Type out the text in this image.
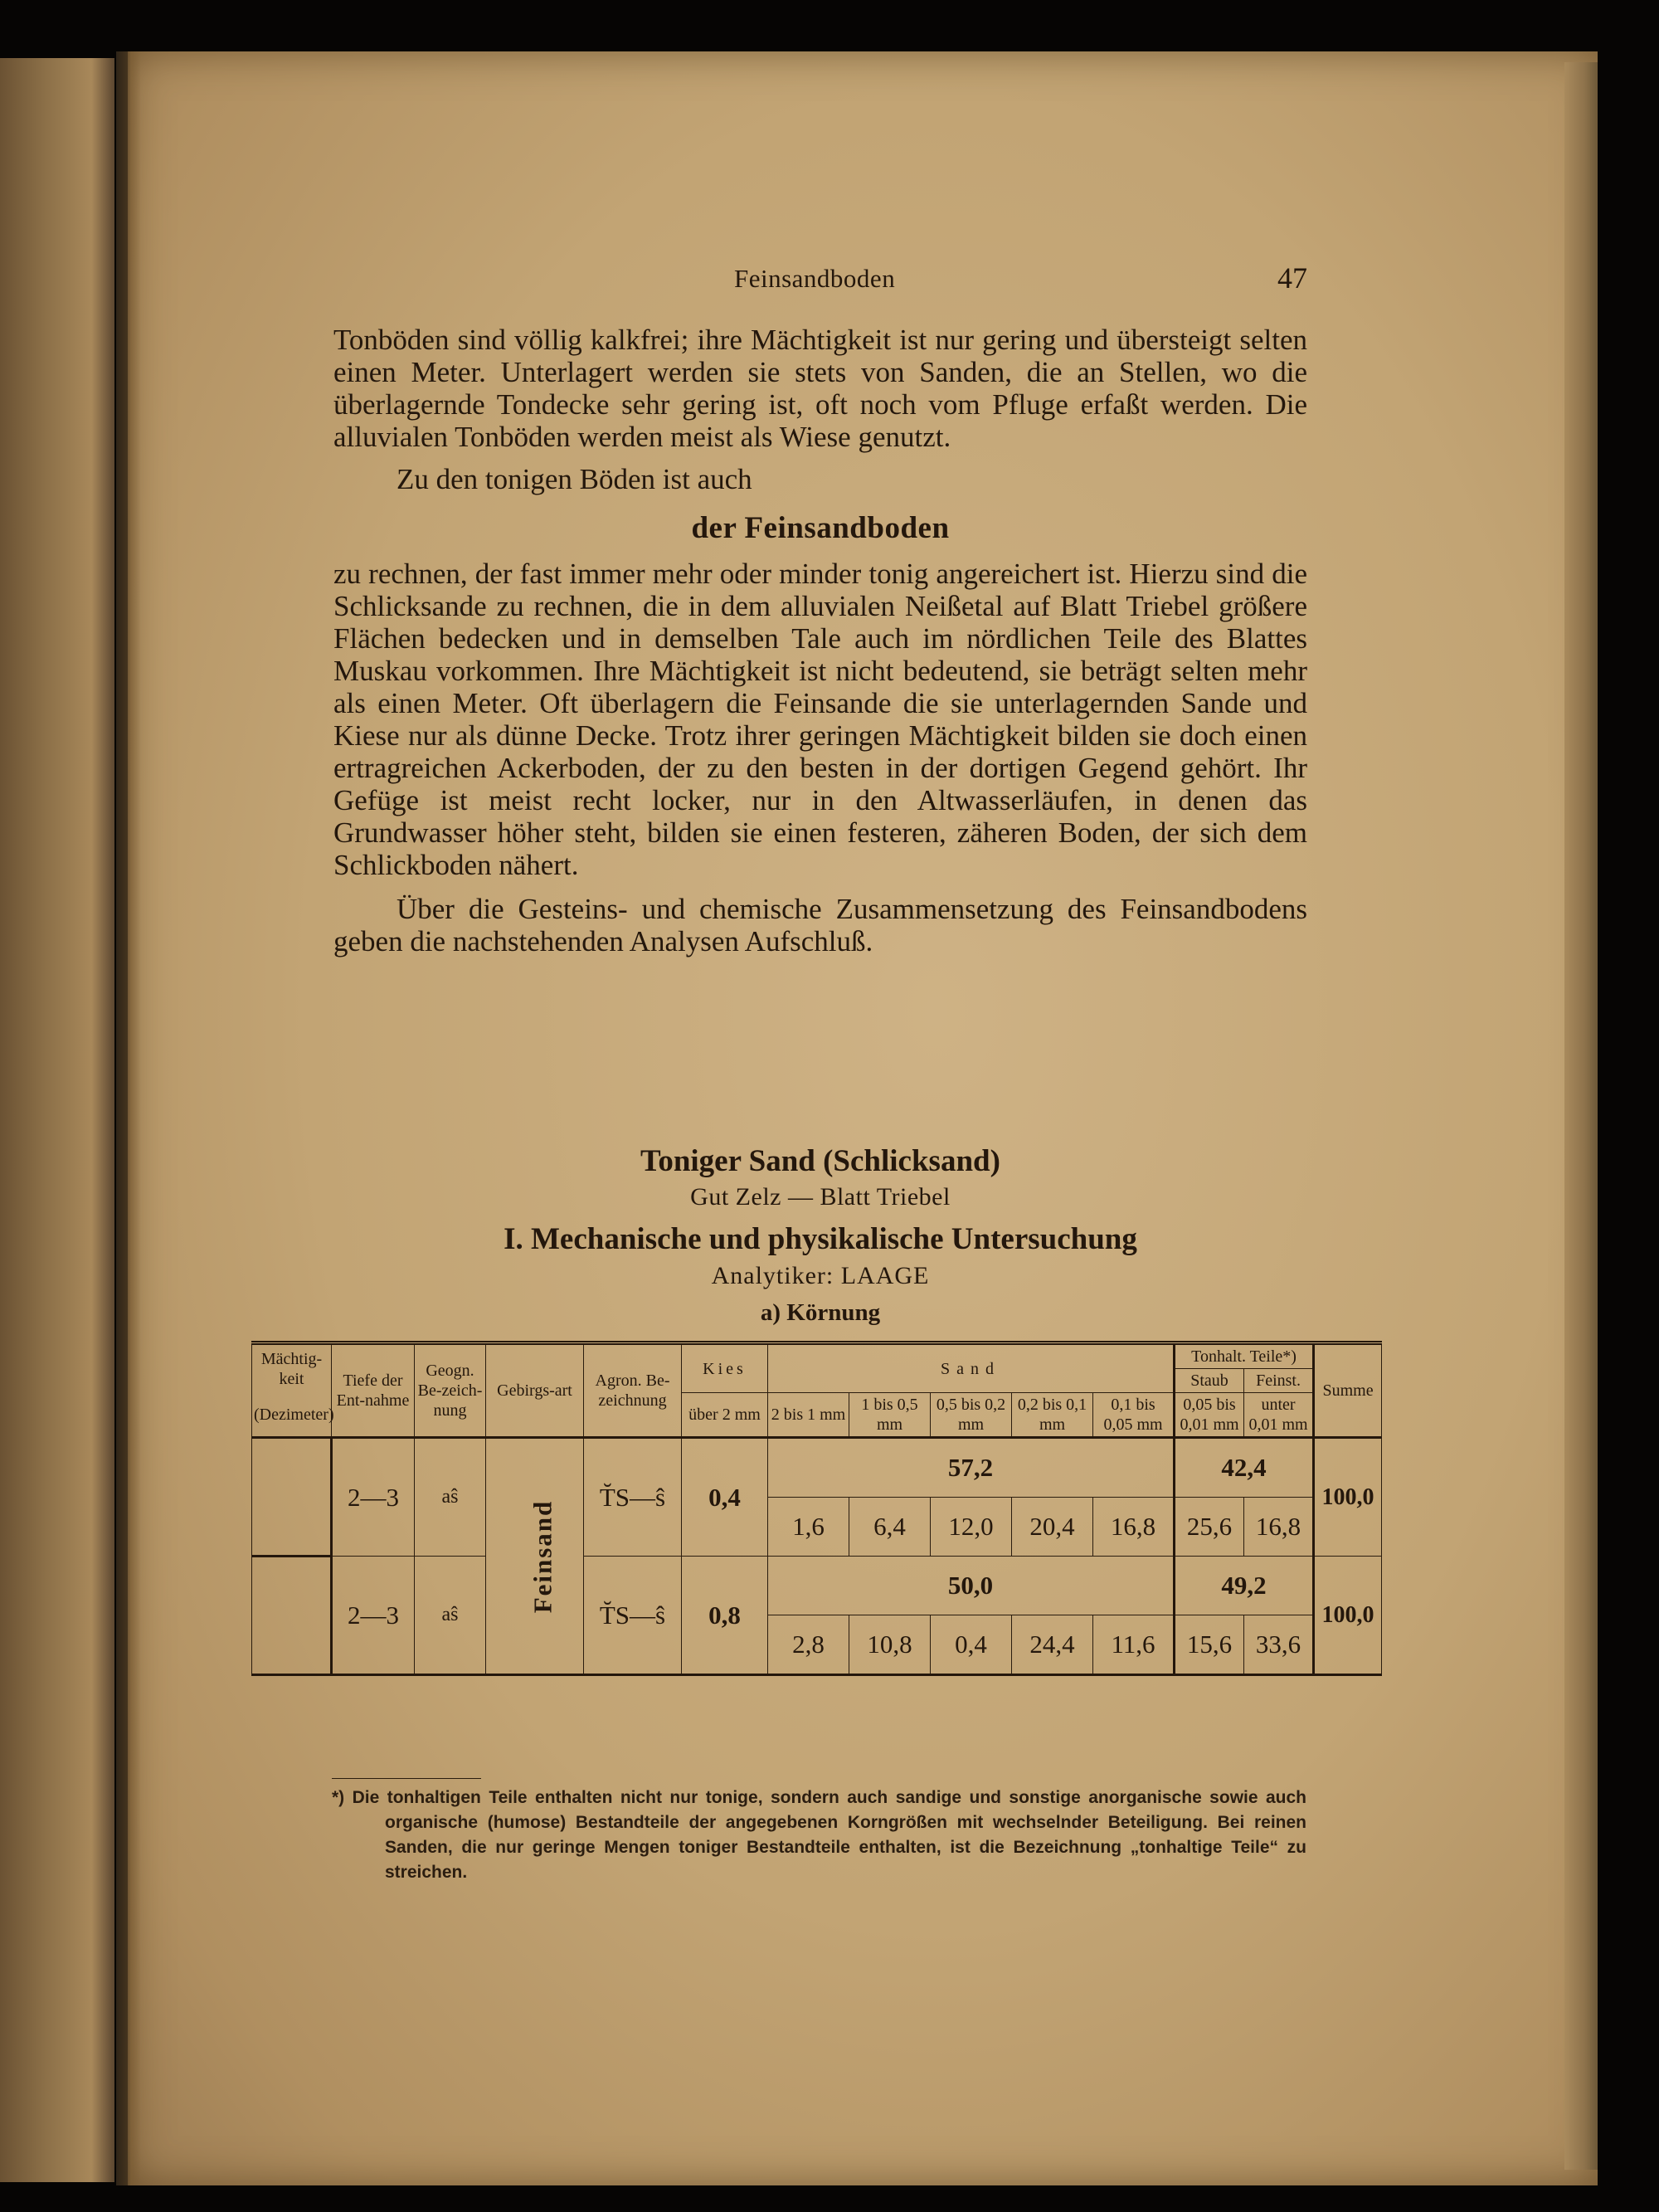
Feinsandboden	47

Tonböden sind völlig kalkfrei; ihre Mächtigkeit ist nur gering und übersteigt selten einen Meter. Unterlagert werden sie stets von Sanden, die an Stellen, wo die überlagernde Tondecke sehr gering ist, oft noch vom Pfluge erfaßt werden. Die alluvialen Tonböden werden meist als Wiese genutzt.

Zu den tonigen Böden ist auch

der Feinsandboden

zu rechnen, der fast immer mehr oder minder tonig angereichert ist. Hierzu sind die Schlicksande zu rechnen, die in dem alluvialen Neißetal auf Blatt Triebel größere Flächen bedecken und in demselben Tale auch im nördlichen Teile des Blattes Muskau vorkommen. Ihre Mächtigkeit ist nicht bedeutend, sie beträgt selten mehr als einen Meter. Oft überlagern die Feinsande die sie unterlagernden Sande und Kiese nur als dünne Decke. Trotz ihrer geringen Mächtigkeit bilden sie doch einen ertragreichen Ackerboden, der zu den besten in der dortigen Gegend gehört. Ihr Gefüge ist meist recht locker, nur in den Altwasserläufen, in denen das Grundwasser höher steht, bilden sie einen festeren, zäheren Boden, der sich dem Schlickboden nähert.

Über die Gesteins- und chemische Zusammensetzung des Feinsandbodens geben die nachstehenden Analysen Aufschluß.

Toniger Sand (Schlicksand)
Gut Zelz — Blatt Triebel
I. Mechanische und physikalische Untersuchung
Analytiker: LAAGE
a) Körnung
Mächtig-keit	Tiefe der Ent-nahme	Geogn. Be-zeich-nung	Gebirgs-art	Agron. Be-zeichnung	Kies	Sand					Tonhalt. Teile*)		Summe
											Staub	Feinst.	
(Dezimeter)					über 2 mm	2 bis 1 mm	1 bis 0,5 mm	0,5 bis 0,2 mm	0,2 bis 0,1 mm	0,1 bis 0,05 mm	0,05 bis 0,01 mm	unter 0,01 mm	
	2—3	aŝ	Feinsand	T̆S—ŝ	0,4	57,2					42,4		100,0
						1,6	6,4	12,0	20,4	16,8	25,6	16,8	
	2—3	aŝ		T̆S—ŝ	0,8	50,0					49,2		100,0
						2,8	10,8	0,4	24,4	11,6	15,6	33,6	
*) Die tonhaltigen Teile enthalten nicht nur tonige, sondern auch sandige und sonstige anorganische sowie auch organische (humose) Bestandteile der angegebenen Korngrößen mit wechselnder Beteiligung. Bei reinen Sanden, die nur geringe Mengen toniger Bestandteile enthalten, ist die Bezeichnung „tonhaltige Teile“ zu streichen.
